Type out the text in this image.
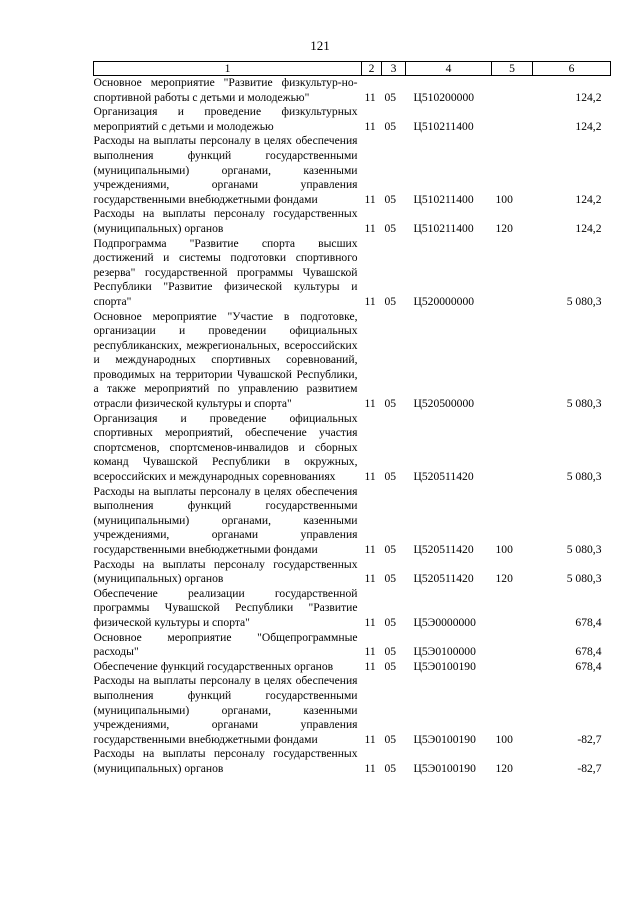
121
1	2	3	4	5	6
Основное мероприятие "Развитие физкультур-но-спортивной работы с детьми и молодежью"	11	05	Ц510200000		124,2
Организация и проведение физкультурных мероприятий с детьми и молодежью	11	05	Ц510211400		124,2
Расходы на выплаты персоналу в целях обеспечения выполнения функций государственными (муниципальными) органами, казенными учреждениями, органами управления государственными внебюджетными фондами	11	05	Ц510211400	100	124,2
Расходы на выплаты персоналу государственных (муниципальных) органов	11	05	Ц510211400	120	124,2
Подпрограмма "Развитие спорта высших достижений и системы подготовки спортивного резерва" государственной программы Чувашской Республики "Развитие физической культуры и спорта"	11	05	Ц520000000		5 080,3
Основное мероприятие "Участие в подготовке, организации и проведении официальных республиканских, межрегиональных, всероссийских и международных спортивных соревнований, проводимых на территории Чувашской Республики, а также мероприятий по управлению развитием отрасли физической культуры и спорта"	11	05	Ц520500000		5 080,3
Организация и проведение официальных спортивных мероприятий, обеспечение участия спортсменов, спортсменов-инвалидов и сборных команд Чувашской Республики в окружных, всероссийских и международных соревнованиях	11	05	Ц520511420		5 080,3
Расходы на выплаты персоналу в целях обеспечения выполнения функций государственными (муниципальными) органами, казенными учреждениями, органами управления государственными внебюджетными фондами	11	05	Ц520511420	100	5 080,3
Расходы на выплаты персоналу государственных (муниципальных) органов	11	05	Ц520511420	120	5 080,3
Обеспечение реализации государственной программы Чувашской Республики "Развитие физической культуры и спорта"	11	05	Ц5Э0000000		678,4
Основное мероприятие "Общепрограммные расходы"	11	05	Ц5Э0100000		678,4
Обеспечение функций государственных органов	11	05	Ц5Э0100190		678,4
Расходы на выплаты персоналу в целях обеспечения выполнения функций государственными (муниципальными) органами, казенными учреждениями, органами управления государственными внебюджетными фондами	11	05	Ц5Э0100190	100	-82,7
Расходы на выплаты персоналу государственных (муниципальных) органов	11	05	Ц5Э0100190	120	-82,7
